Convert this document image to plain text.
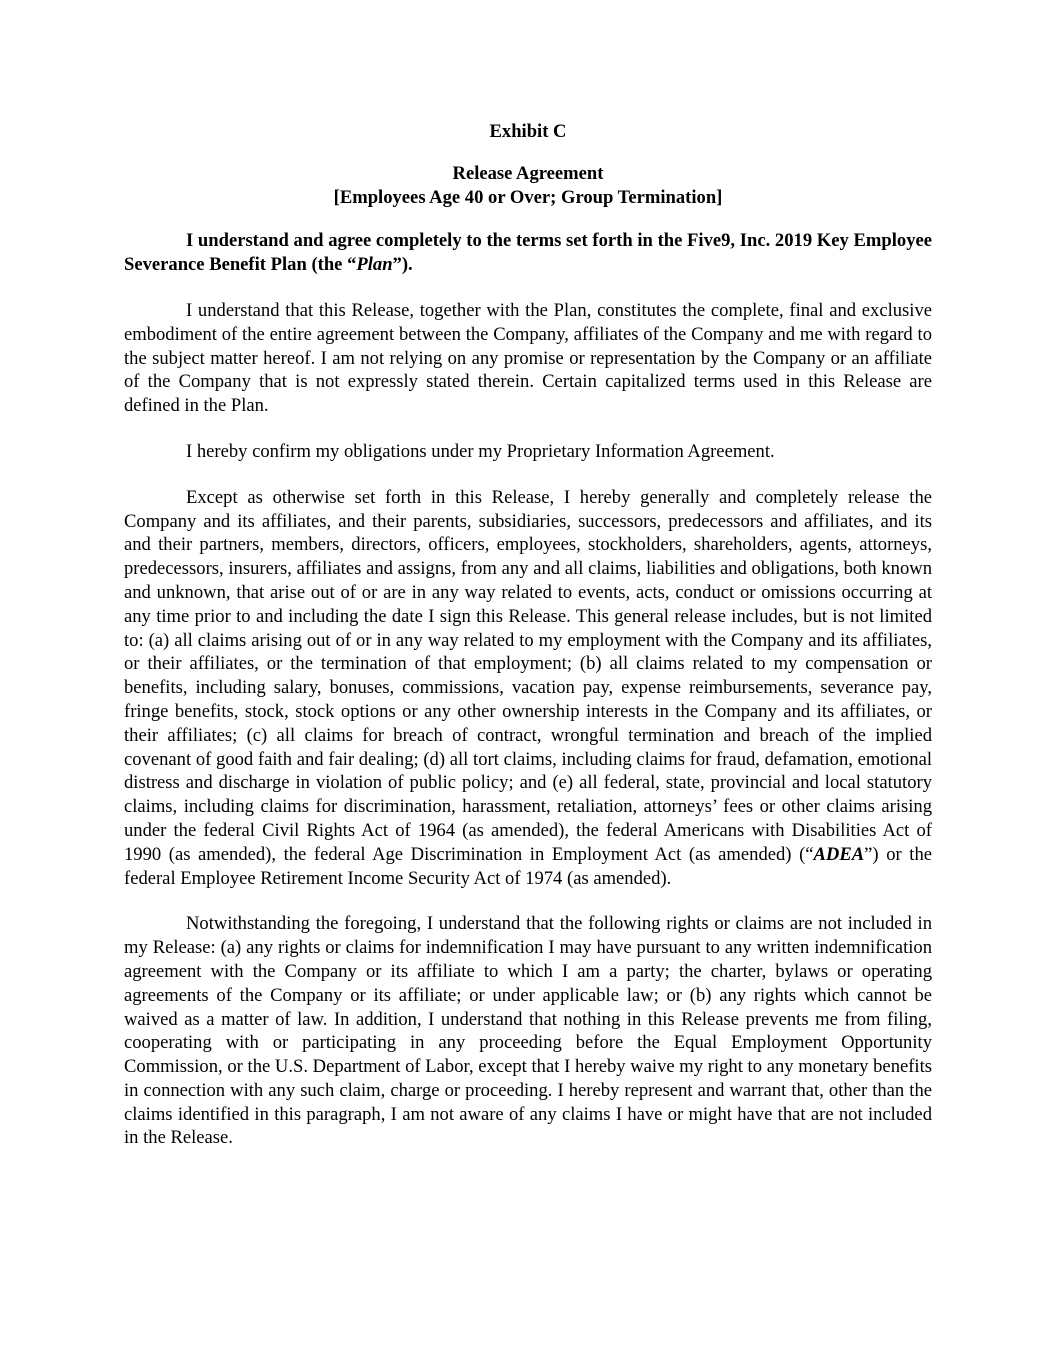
Exhibit C

Release Agreement

[Employees Age 40 or Over; Group Termination]

I understand and agree completely to the terms set forth in the Five9, Inc. 2019 Key Employee Severance Benefit Plan (the “Plan”).

I understand that this Release, together with the Plan, constitutes the complete, final and exclusive embodiment of the entire agreement between the Company, affiliates of the Company and me with regard to the subject matter hereof. I am not relying on any promise or representation by the Company or an affiliate of the Company that is not expressly stated therein. Certain capitalized terms used in this Release are defined in the Plan.

I hereby confirm my obligations under my Proprietary Information Agreement.

Except as otherwise set forth in this Release, I hereby generally and completely release the Company and its affiliates, and their parents, subsidiaries, successors, predecessors and affiliates, and its and their partners, members, directors, officers, employees, stockholders, shareholders, agents, attorneys, predecessors, insurers, affiliates and assigns, from any and all claims, liabilities and obligations, both known and unknown, that arise out of or are in any way related to events, acts, conduct or omissions occurring at any time prior to and including the date I sign this Release. This general release includes, but is not limited to: (a) all claims arising out of or in any way related to my employment with the Company and its affiliates, or their affiliates, or the termination of that employment; (b) all claims related to my compensation or benefits, including salary, bonuses, commissions, vacation pay, expense reimbursements, severance pay, fringe benefits, stock, stock options or any other ownership interests in the Company and its affiliates, or their affiliates; (c) all claims for breach of contract, wrongful termination and breach of the implied covenant of good faith and fair dealing; (d) all tort claims, including claims for fraud, defamation, emotional distress and discharge in violation of public policy; and (e) all federal, state, provincial and local statutory claims, including claims for discrimination, harassment, retaliation, attorneys’ fees or other claims arising under the federal Civil Rights Act of 1964 (as amended), the federal Americans with Disabilities Act of 1990 (as amended), the federal Age Discrimination in Employment Act (as amended) (“ADEA”) or the federal Employee Retirement Income Security Act of 1974 (as amended).

Notwithstanding the foregoing, I understand that the following rights or claims are not included in my Release: (a) any rights or claims for indemnification I may have pursuant to any written indemnification agreement with the Company or its affiliate to which I am a party; the charter, bylaws or operating agreements of the Company or its affiliate; or under applicable law; or (b) any rights which cannot be waived as a matter of law. In addition, I understand that nothing in this Release prevents me from filing, cooperating with or participating in any proceeding before the Equal Employment Opportunity Commission, or the U.S. Department of Labor, except that I hereby waive my right to any monetary benefits in connection with any such claim, charge or proceeding. I hereby represent and warrant that, other than the claims identified in this paragraph, I am not aware of any claims I have or might have that are not included in the Release.
